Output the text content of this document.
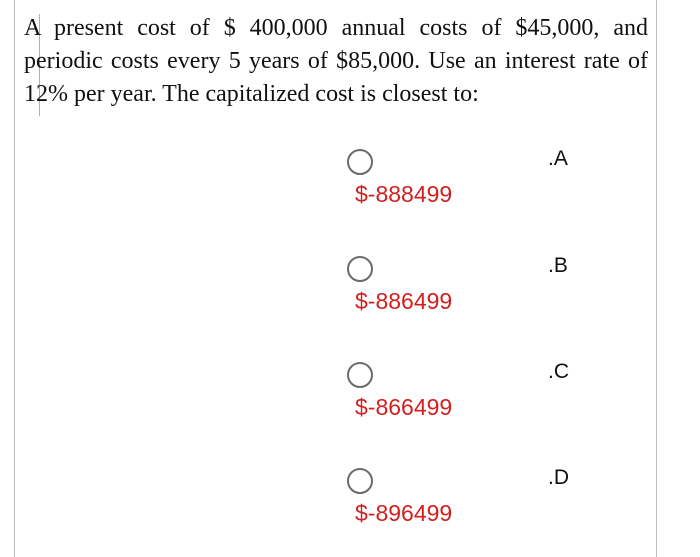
A present cost of $ 400,000 annual costs of $45,000, and periodic costs every 5 years of $85,000. Use an interest rate of 12% per year. The capitalized cost is closest to:
.A
$-888499
.B
$-886499
.C
$-866499
.D
$-896499
